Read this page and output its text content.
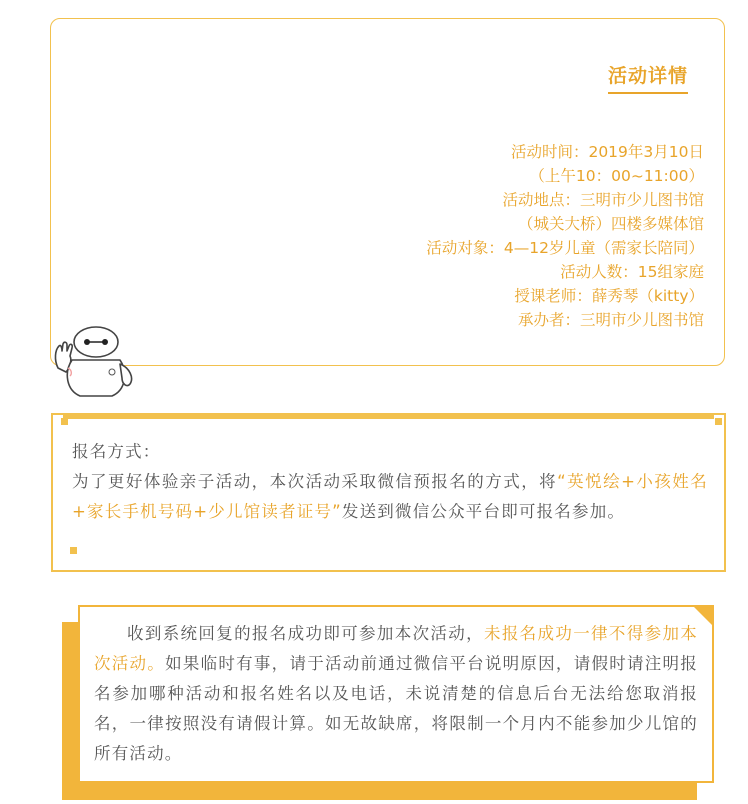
活动详情
活动时间：2019年3月10日
（上午10：00~11:00）
活动地点：三明市少儿图书馆
（城关大桥）四楼多媒体馆
活动对象：4—12岁儿童（需家长陪同）
活动人数：15组家庭
授课老师：薛秀琴（kitty）
承办者：三明市少儿图书馆
报名方式：
为了更好体验亲子活动，本次活动采取微信预报名的方式，将“英悦绘+小孩姓名+家长手机号码+少儿馆读者证号”发送到微信公众平台即可报名参加。
收到系统回复的报名成功即可参加本次活动，未报名成功一律不得参加本次活动。如果临时有事，请于活动前通过微信平台说明原因，请假时请注明报名参加哪种活动和报名姓名以及电话，未说清楚的信息后台无法给您取消报名，一律按照没有请假计算。如无故缺席，将限制一个月内不能参加少儿馆的所有活动。
